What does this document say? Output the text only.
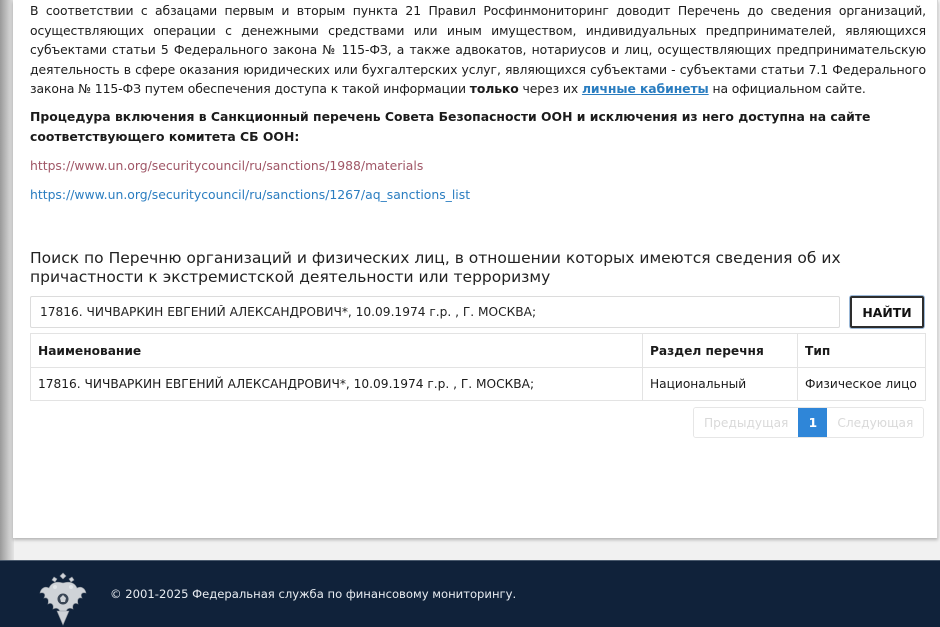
В соответствии с абзацами первым и вторым пункта 21 Правил Росфинмониторинг доводит Перечень до сведения организаций, осуществляющих операции с денежными средствами или иным имуществом, индивидуальных предпринимателей, являющихся субъектами статьи 5 Федерального закона № 115-ФЗ, а также адвокатов, нотариусов и лиц, осуществляющих предпринимательскую деятельность в сфере оказания юридических или бухгалтерских услуг, являющихся субъектами - субъектами статьи 7.1 Федерального закона № 115-ФЗ путем обеспечения доступа к такой информации только через их личные кабинеты на официальном сайте.

Процедура включения в Санкционный перечень Совета Безопасности ООН и исключения из него доступна на сайте соответствующего комитета СБ ООН:

https://www.un.org/securitycouncil/ru/sanctions/1988/materials

https://www.un.org/securitycouncil/ru/sanctions/1267/aq_sanctions_list

Поиск по Перечню организаций и физических лиц, в отношении которых имеются сведения об их причастности к экстремистской деятельности или терроризму
17816. ЧИЧВАРКИН ЕВГЕНИЙ АЛЕКСАНДРОВИЧ*, 10.09.1974 г.р. , Г. МОСКВА;
НАЙТИ
Наименование	Раздел перечня	Тип
17816. ЧИЧВАРКИН ЕВГЕНИЙ АЛЕКСАНДРОВИЧ*, 10.09.1974 г.р. , Г. МОСКВА;	Национальный	Физическое лицо
Предыдущая	1	Следующая
© 2001-2025 Федеральная служба по финансовому мониторингу.
